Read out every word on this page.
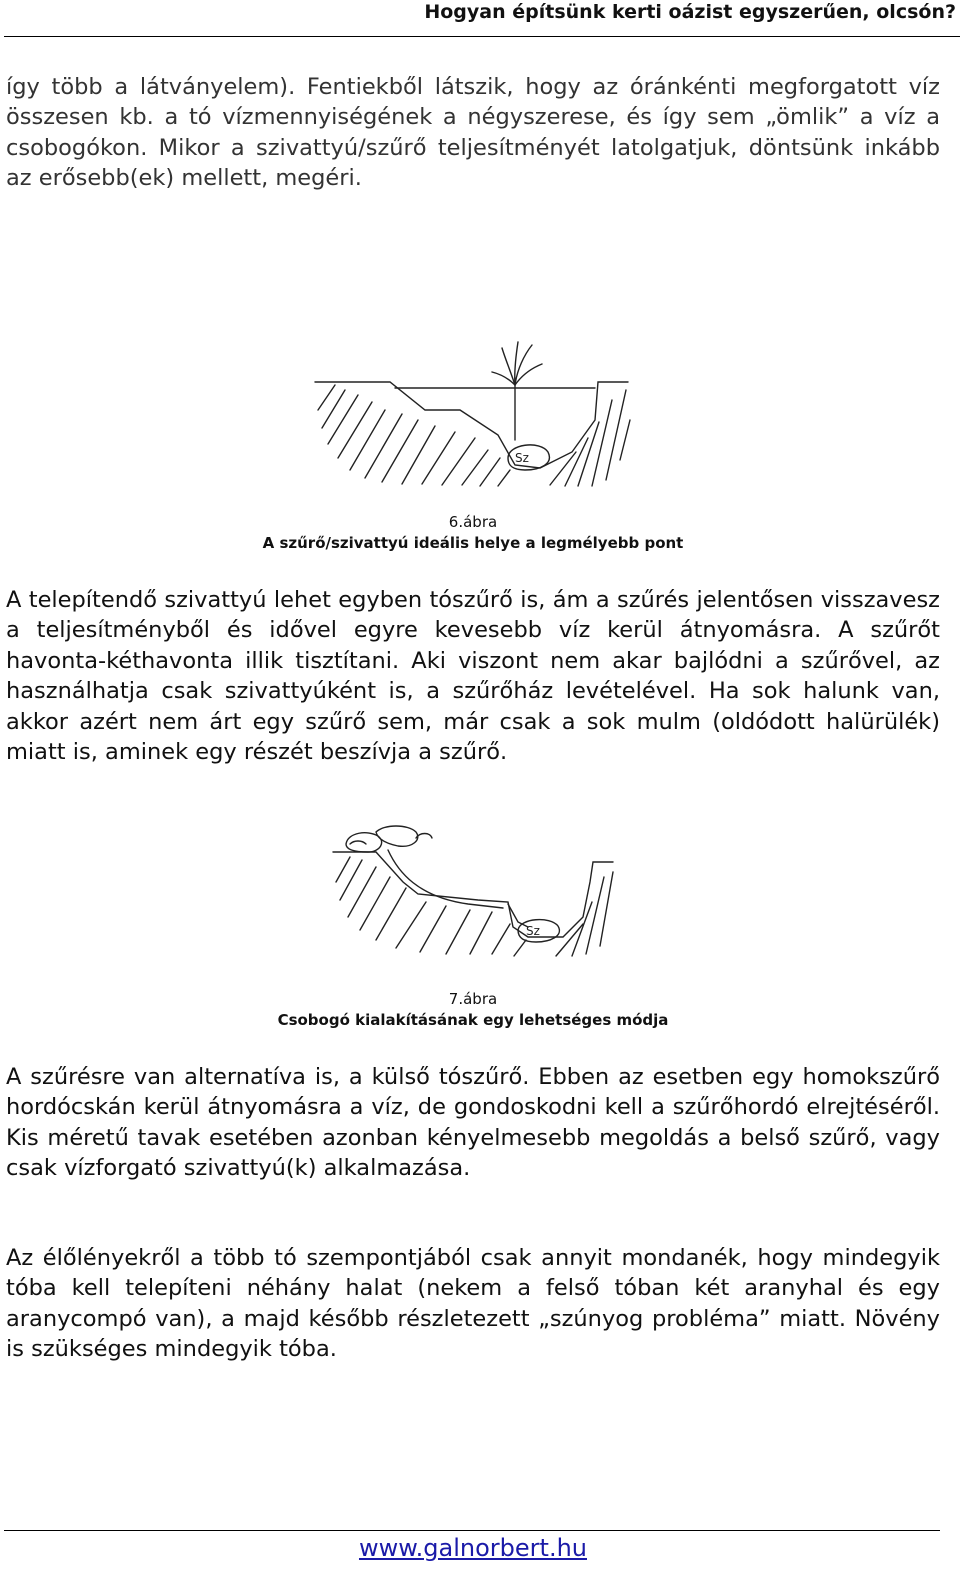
Hogyan építsünk kerti oázist egyszerűen, olcsón?

így több a látványelem). Fentiekből látszik, hogy az óránkénti megforgatott víz összesen kb. a tó vízmennyiségének a négyszerese, és így sem „ömlik” a víz a csobogókon. Mikor a szivattyú/szűrő teljesítményét latolgatjuk, döntsünk inkább az erősebb(ek) mellett, megéri.

Sz
6.ábra
A szűrő/szivattyú ideális helye a legmélyebb pont

A telepítendő szivattyú lehet egyben tószűrő is, ám a szűrés jelentősen visszavesz a teljesítményből és idővel egyre kevesebb víz kerül átnyomásra. A szűrőt havonta-kéthavonta illik tisztítani. Aki viszont nem akar bajlódni a szűrővel, az használhatja csak szivattyúként is, a szűrőház levételével. Ha sok halunk van, akkor azért nem árt egy szűrő sem, már csak a sok mulm (oldódott halürülék) miatt is, aminek egy részét beszívja a szűrő.

Sz
7.ábra
Csobogó kialakításának egy lehetséges módja

A szűrésre van alternatíva is, a külső tószűrő. Ebben az esetben egy homokszűrő hordócskán kerül átnyomásra a víz, de gondoskodni kell a szűrőhordó elrejtéséről. Kis méretű tavak esetében azonban kényelmesebb megoldás a belső szűrő, vagy csak vízforgató szivattyú(k) alkalmazása.

Az élőlényekről a több tó szempontjából csak annyit mondanék, hogy mindegyik tóba kell telepíteni néhány halat (nekem a felső tóban két aranyhal és egy aranycompó van), a majd később részletezett „szúnyog probléma” miatt. Növény is szükséges mindegyik tóba.

www.galnorbert.hu
